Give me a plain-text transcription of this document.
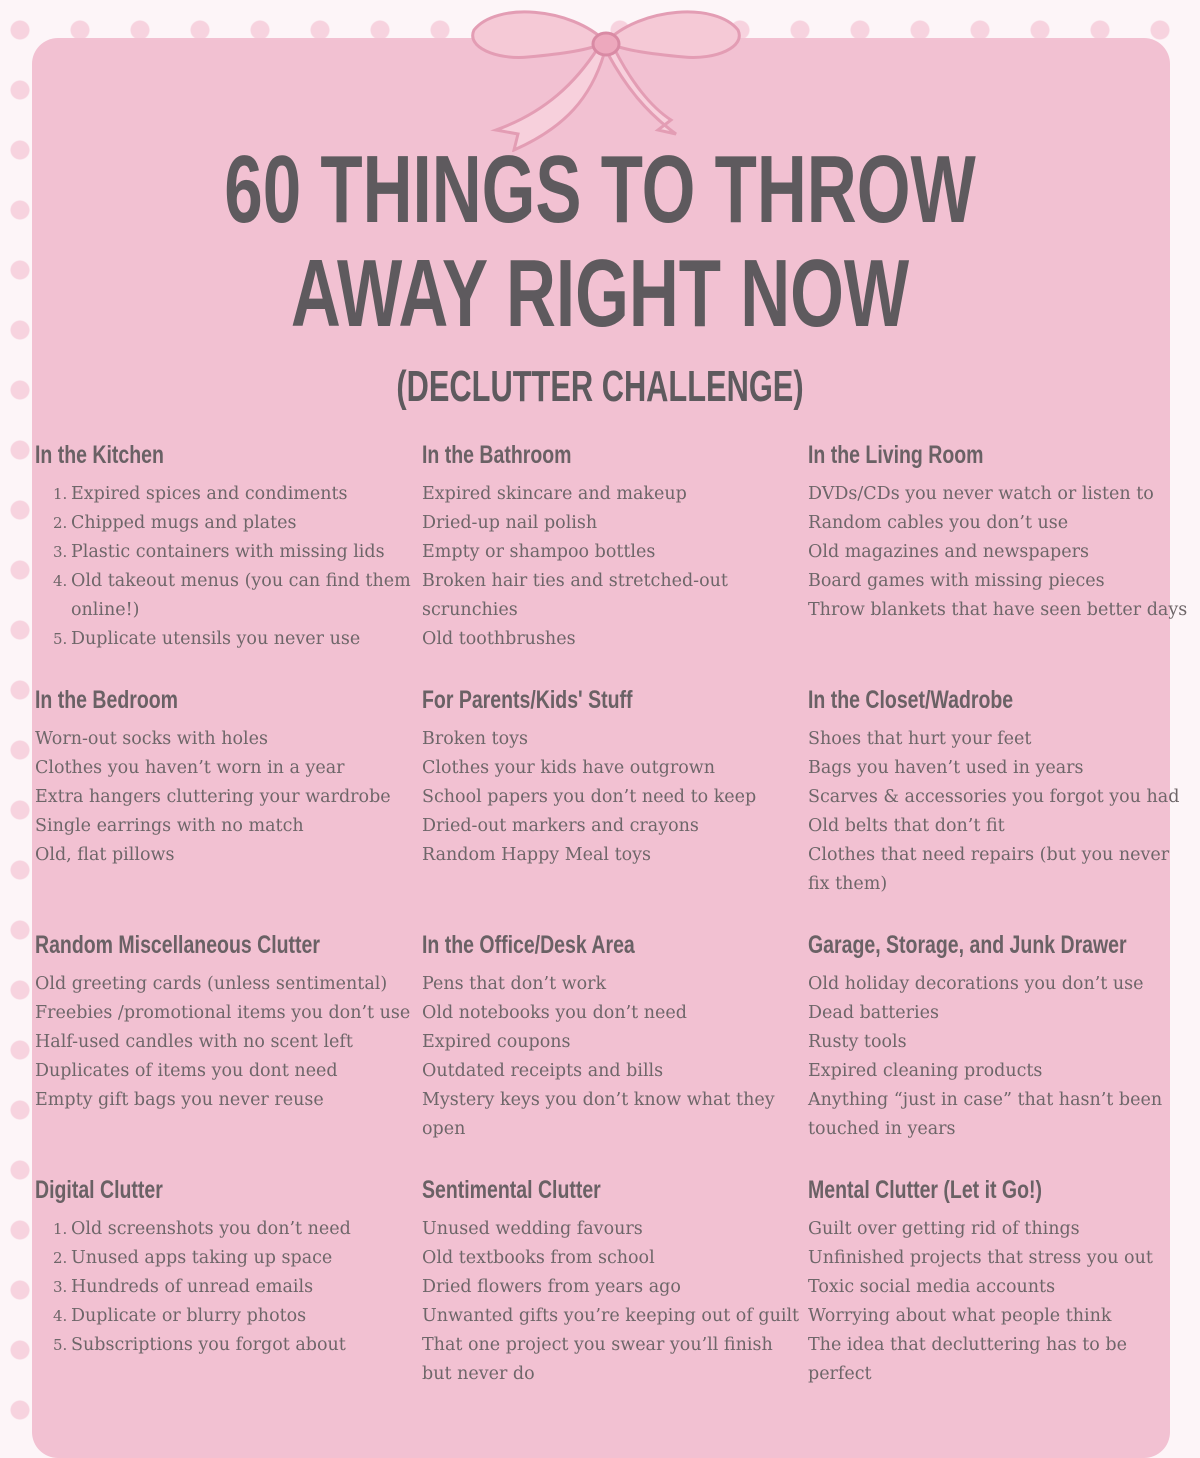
60 THINGS TO THROW
AWAY RIGHT NOW
(DECLUTTER CHALLENGE)
In the Kitchen
1. Expired spices and condiments
2. Chipped mugs and plates
3. Plastic containers with missing lids
4. Old takeout menus (you can find them online!)
5. Duplicate utensils you never use
In the Bathroom
Expired skincare and makeup
Dried-up nail polish
Empty or shampoo bottles
Broken hair ties and stretched-out scrunchies
Old toothbrushes
In the Living Room
DVDs/CDs you never watch or listen to
Random cables you don’t use
Old magazines and newspapers
Board games with missing pieces
Throw blankets that have seen better days
In the Bedroom
Worn-out socks with holes
Clothes you haven’t worn in a year
Extra hangers cluttering your wardrobe
Single earrings with no match
Old, flat pillows
For Parents/Kids' Stuff
Broken toys
Clothes your kids have outgrown
School papers you don’t need to keep
Dried-out markers and crayons
Random Happy Meal toys
In the Closet/Wadrobe
Shoes that hurt your feet
Bags you haven’t used in years
Scarves & accessories you forgot you had
Old belts that don’t fit
Clothes that need repairs (but you never fix them)
Random Miscellaneous Clutter
Old greeting cards (unless sentimental)
Freebies /promotional items you don’t use
Half-used candles with no scent left
Duplicates of items you dont need
Empty gift bags you never reuse
In the Office/Desk Area
Pens that don’t work
Old notebooks you don’t need
Expired coupons
Outdated receipts and bills
Mystery keys you don’t know what they open
Garage, Storage, and Junk Drawer
Old holiday decorations you don’t use
Dead batteries
Rusty tools
Expired cleaning products
Anything “just in case” that hasn’t been touched in years
Digital Clutter
1. Old screenshots you don’t need
2. Unused apps taking up space
3. Hundreds of unread emails
4. Duplicate or blurry photos
5. Subscriptions you forgot about
Sentimental Clutter
Unused wedding favours
Old textbooks from school
Dried flowers from years ago
Unwanted gifts you’re keeping out of guilt
That one project you swear you’ll finish but never do
Mental Clutter (Let it Go!)
Guilt over getting rid of things
Unfinished projects that stress you out
Toxic social media accounts
Worrying about what people think
The idea that decluttering has to be perfect
